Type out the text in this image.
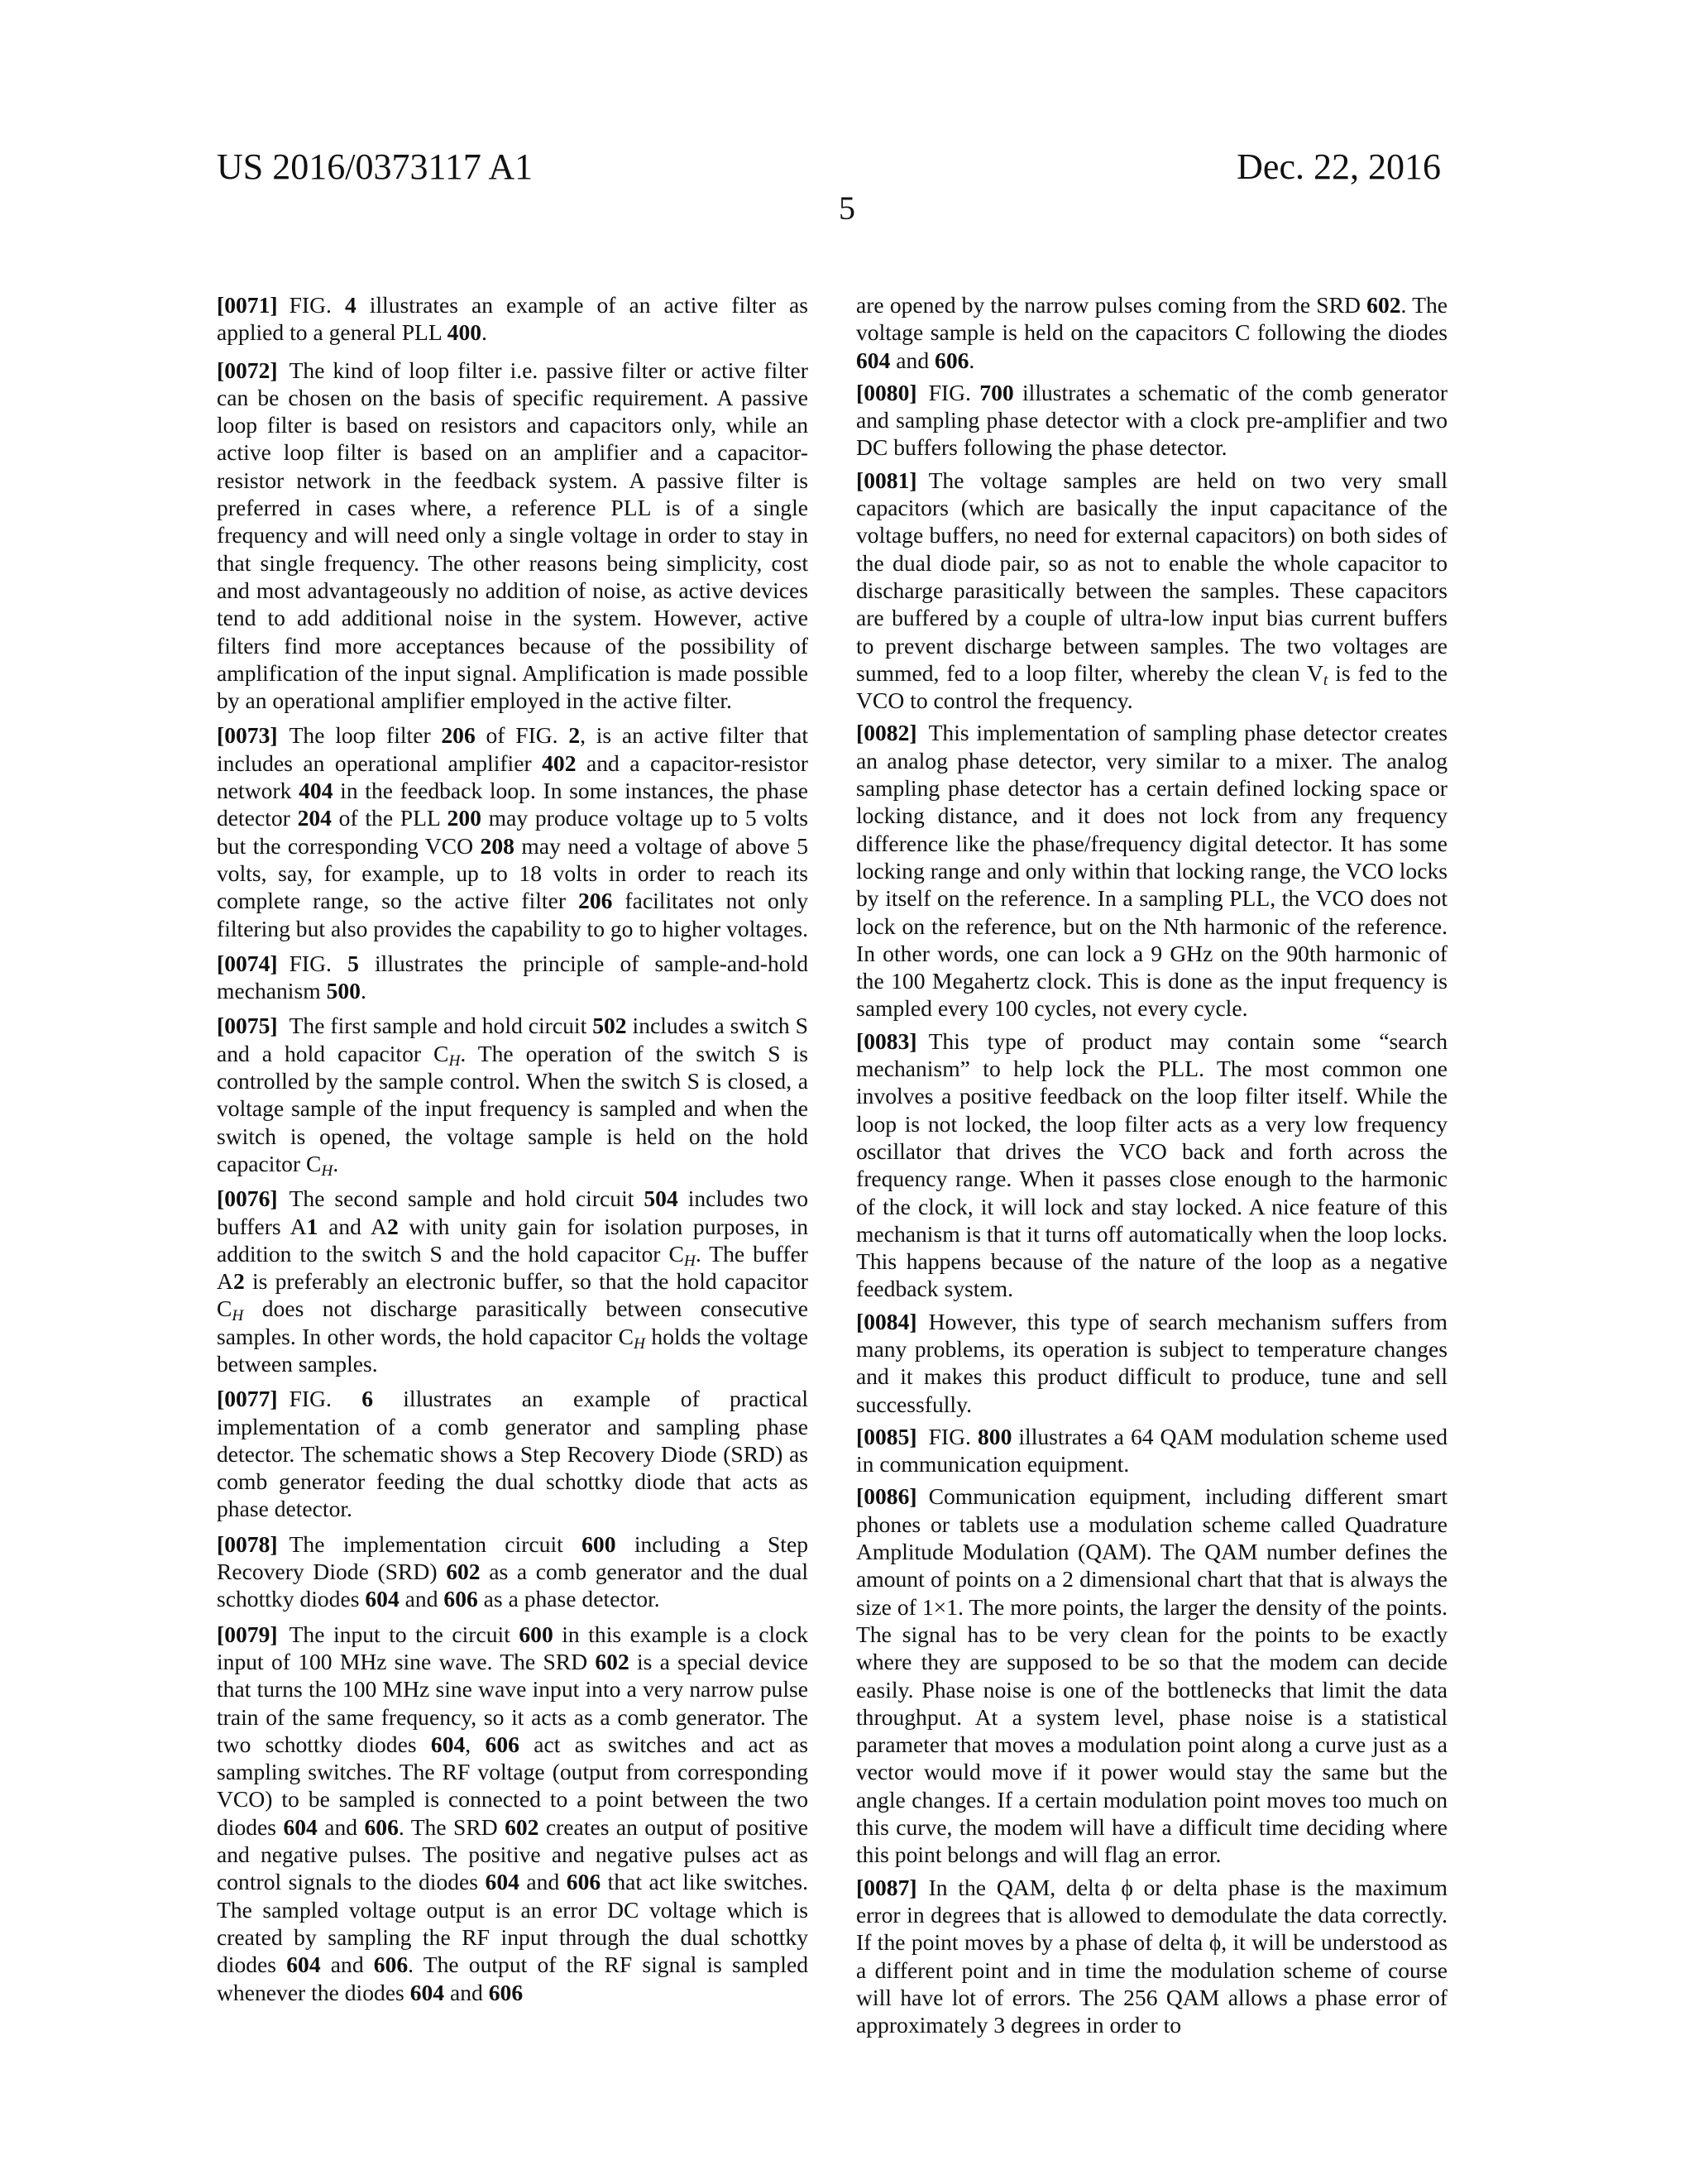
US 2016/0373117 A1	Dec. 22, 2016
5

[0071] FIG. 4 illustrates an example of an active filter as applied to a general PLL 400.

[0072] The kind of loop filter i.e. passive filter or active filter can be chosen on the basis of specific requirement. A passive loop filter is based on resistors and capacitors only, while an active loop filter is based on an amplifier and a capacitor-resistor network in the feedback system. A passive filter is preferred in cases where, a reference PLL is of a single frequency and will need only a single voltage in order to stay in that single frequency. The other reasons being simplicity, cost and most advantageously no addition of noise, as active devices tend to add additional noise in the system. However, active filters find more acceptances because of the possibility of amplification of the input signal. Amplification is made possible by an operational amplifier employed in the active filter.

[0073] The loop filter 206 of FIG. 2, is an active filter that includes an operational amplifier 402 and a capacitor-resistor network 404 in the feedback loop. In some instances, the phase detector 204 of the PLL 200 may produce voltage up to 5 volts but the corresponding VCO 208 may need a voltage of above 5 volts, say, for example, up to 18 volts in order to reach its complete range, so the active filter 206 facilitates not only filtering but also provides the capability to go to higher voltages.

[0074] FIG. 5 illustrates the principle of sample-and-hold mechanism 500.

[0075] The first sample and hold circuit 502 includes a switch S and a hold capacitor $C_H$. The operation of the switch S is controlled by the sample control. When the switch S is closed, a voltage sample of the input frequency is sampled and when the switch is opened, the voltage sample is held on the hold capacitor $C_H$.

[0076] The second sample and hold circuit 504 includes two buffers A1 and A2 with unity gain for isolation purposes, in addition to the switch S and the hold capacitor $C_H$. The buffer A2 is preferably an electronic buffer, so that the hold capacitor $C_H$ does not discharge parasitically between consecutive samples. In other words, the hold capacitor $C_H$ holds the voltage between samples.

[0077] FIG. 6 illustrates an example of practical implementation of a comb generator and sampling phase detector. The schematic shows a Step Recovery Diode (SRD) as comb generator feeding the dual schottky diode that acts as phase detector.

[0078] The implementation circuit 600 including a Step Recovery Diode (SRD) 602 as a comb generator and the dual schottky diodes 604 and 606 as a phase detector.

[0079] The input to the circuit 600 in this example is a clock input of 100 MHz sine wave. The SRD 602 is a special device that turns the 100 MHz sine wave input into a very narrow pulse train of the same frequency, so it acts as a comb generator. The two schottky diodes 604, 606 act as switches and act as sampling switches. The RF voltage (output from corresponding VCO) to be sampled is connected to a point between the two diodes 604 and 606. The SRD 602 creates an output of positive and negative pulses. The positive and negative pulses act as control signals to the diodes 604 and 606 that act like switches. The sampled voltage output is an error DC voltage which is created by sampling the RF input through the dual schottky diodes 604 and 606. The output of the RF signal is sampled whenever the diodes 604 and 606

are opened by the narrow pulses coming from the SRD 602. The voltage sample is held on the capacitors C following the diodes 604 and 606.

[0080] FIG. 700 illustrates a schematic of the comb generator and sampling phase detector with a clock pre-amplifier and two DC buffers following the phase detector.

[0081] The voltage samples are held on two very small capacitors (which are basically the input capacitance of the voltage buffers, no need for external capacitors) on both sides of the dual diode pair, so as not to enable the whole capacitor to discharge parasitically between the samples. These capacitors are buffered by a couple of ultra-low input bias current buffers to prevent discharge between samples. The two voltages are summed, fed to a loop filter, whereby the clean $V_t$ is fed to the VCO to control the frequency.

[0082] This implementation of sampling phase detector creates an analog phase detector, very similar to a mixer. The analog sampling phase detector has a certain defined locking space or locking distance, and it does not lock from any frequency difference like the phase/frequency digital detector. It has some locking range and only within that locking range, the VCO locks by itself on the reference. In a sampling PLL, the VCO does not lock on the reference, but on the Nth harmonic of the reference. In other words, one can lock a 9 GHz on the 90th harmonic of the 100 Megahertz clock. This is done as the input frequency is sampled every 100 cycles, not every cycle.

[0083] This type of product may contain some “search mechanism” to help lock the PLL. The most common one involves a positive feedback on the loop filter itself. While the loop is not locked, the loop filter acts as a very low frequency oscillator that drives the VCO back and forth across the frequency range. When it passes close enough to the harmonic of the clock, it will lock and stay locked. A nice feature of this mechanism is that it turns off automatically when the loop locks. This happens because of the nature of the loop as a negative feedback system.

[0084] However, this type of search mechanism suffers from many problems, its operation is subject to temperature changes and it makes this product difficult to produce, tune and sell successfully.

[0085] FIG. 800 illustrates a 64 QAM modulation scheme used in communication equipment.

[0086] Communication equipment, including different smart phones or tablets use a modulation scheme called Quadrature Amplitude Modulation (QAM). The QAM number defines the amount of points on a 2 dimensional chart that that is always the size of 1×1. The more points, the larger the density of the points. The signal has to be very clean for the points to be exactly where they are supposed to be so that the modem can decide easily. Phase noise is one of the bottlenecks that limit the data throughput. At a system level, phase noise is a statistical parameter that moves a modulation point along a curve just as a vector would move if it power would stay the same but the angle changes. If a certain modulation point moves too much on this curve, the modem will have a difficult time deciding where this point belongs and will flag an error.

[0087] In the QAM, delta ϕ or delta phase is the maximum error in degrees that is allowed to demodulate the data correctly. If the point moves by a phase of delta ϕ, it will be understood as a different point and in time the modulation scheme of course will have lot of errors. The 256 QAM allows a phase error of approximately 3 degrees in order to
